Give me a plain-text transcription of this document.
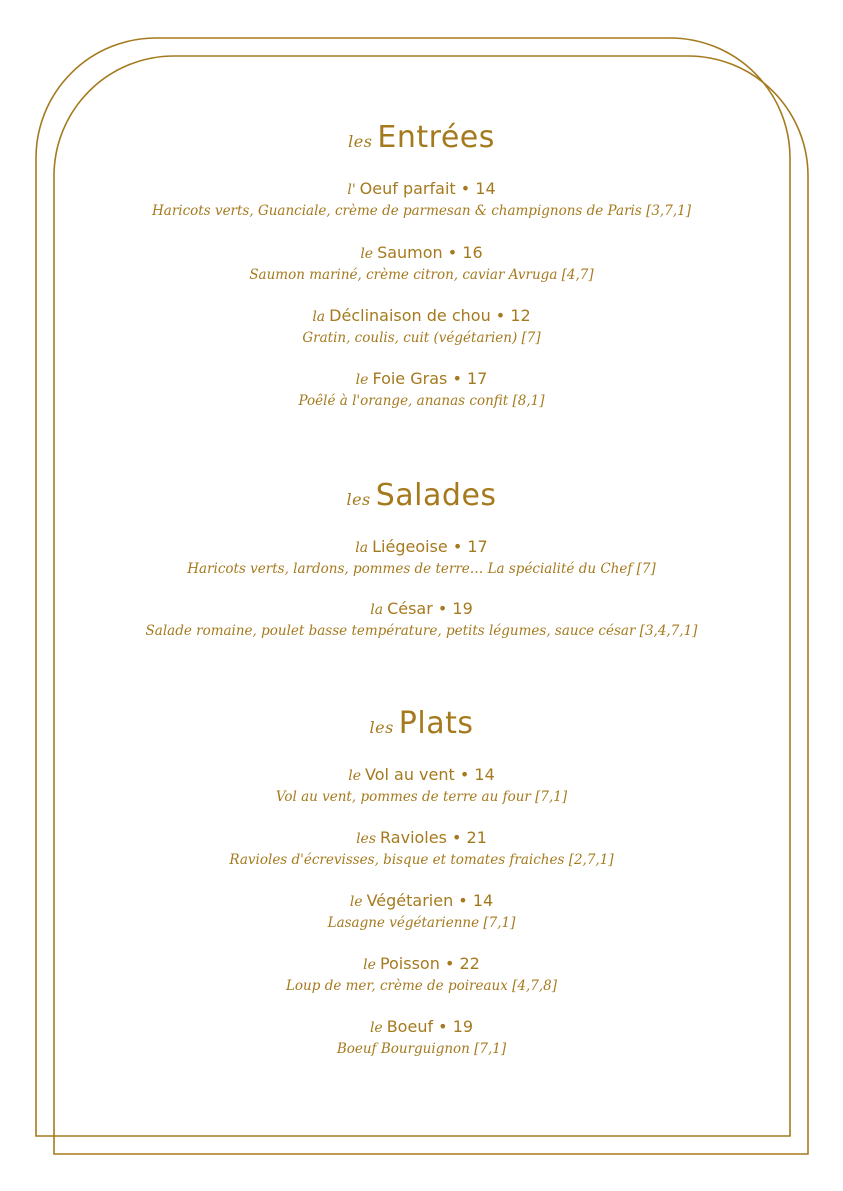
les Entrées
l' Oeuf parfait • 14
Haricots verts, Guanciale, crème de parmesan & champignons de Paris [3,7,1]
le Saumon • 16
Saumon mariné, crème citron, caviar Avruga [4,7]
la Déclinaison de chou • 12
Gratin, coulis, cuit (végétarien) [7]
le Foie Gras • 17
Poêlé à l'orange, ananas confit [8,1]
les Salades
la Liégeoise • 17
Haricots verts, lardons, pommes de terre… La spécialité du Chef [7]
la César • 19
Salade romaine, poulet basse température, petits légumes, sauce césar [3,4,7,1]
les Plats
le Vol au vent • 14
Vol au vent, pommes de terre au four [7,1]
les Ravioles • 21
Ravioles d'écrevisses, bisque et tomates fraiches [2,7,1]
le Végétarien • 14
Lasagne végétarienne [7,1]
le Poisson • 22
Loup de mer, crème de poireaux [4,7,8]
le Boeuf • 19
Boeuf Bourguignon [7,1]
